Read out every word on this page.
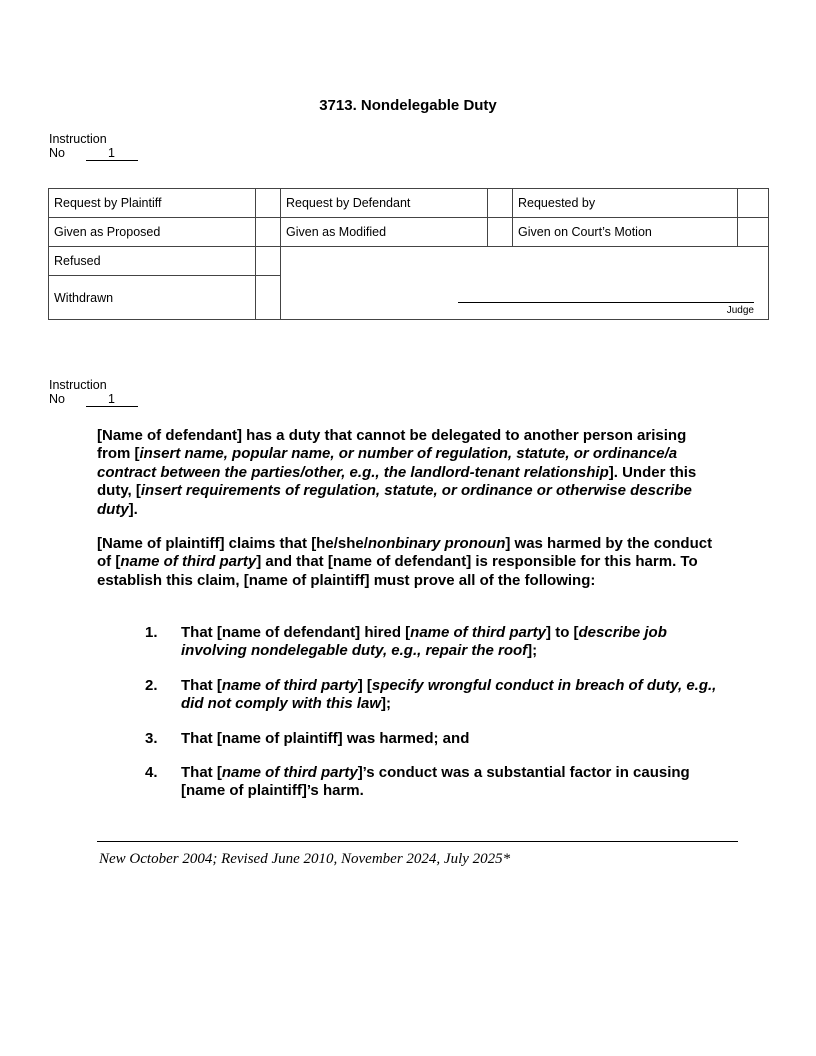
3713. Nondelegable Duty
Instruction
No	1
Request by Plaintiff		Request by Defendant		Requested by	
Given as Proposed		Given as Modified		Given on Court’s Motion	
Refused		Judge			

Withdrawn					
Instruction
No	1

[Name of defendant] has a duty that cannot be delegated to another person arising from [insert name, popular name, or number of regulation, statute, or ordinance/a contract between the parties/other, e.g., the landlord-tenant relationship]. Under this duty, [insert requirements of regulation, statute, or ordinance or otherwise describe duty].

[Name of plaintiff] claims that [he/she/nonbinary pronoun] was harmed by the conduct of [name of third party] and that [name of defendant] is responsible for this harm. To establish this claim, [name of plaintiff] must prove all of the following:

1. That [name of defendant] hired [name of third party] to [describe job involving nondelegable duty, e.g., repair the roof];
2. That [name of third party] [specify wrongful conduct in breach of duty, e.g., did not comply with this law];
3. That [name of plaintiff] was harmed; and
4. That [name of third party]’s conduct was a substantial factor in causing [name of plaintiff]’s harm.
New October 2004; Revised June 2010, November 2024, July 2025*
